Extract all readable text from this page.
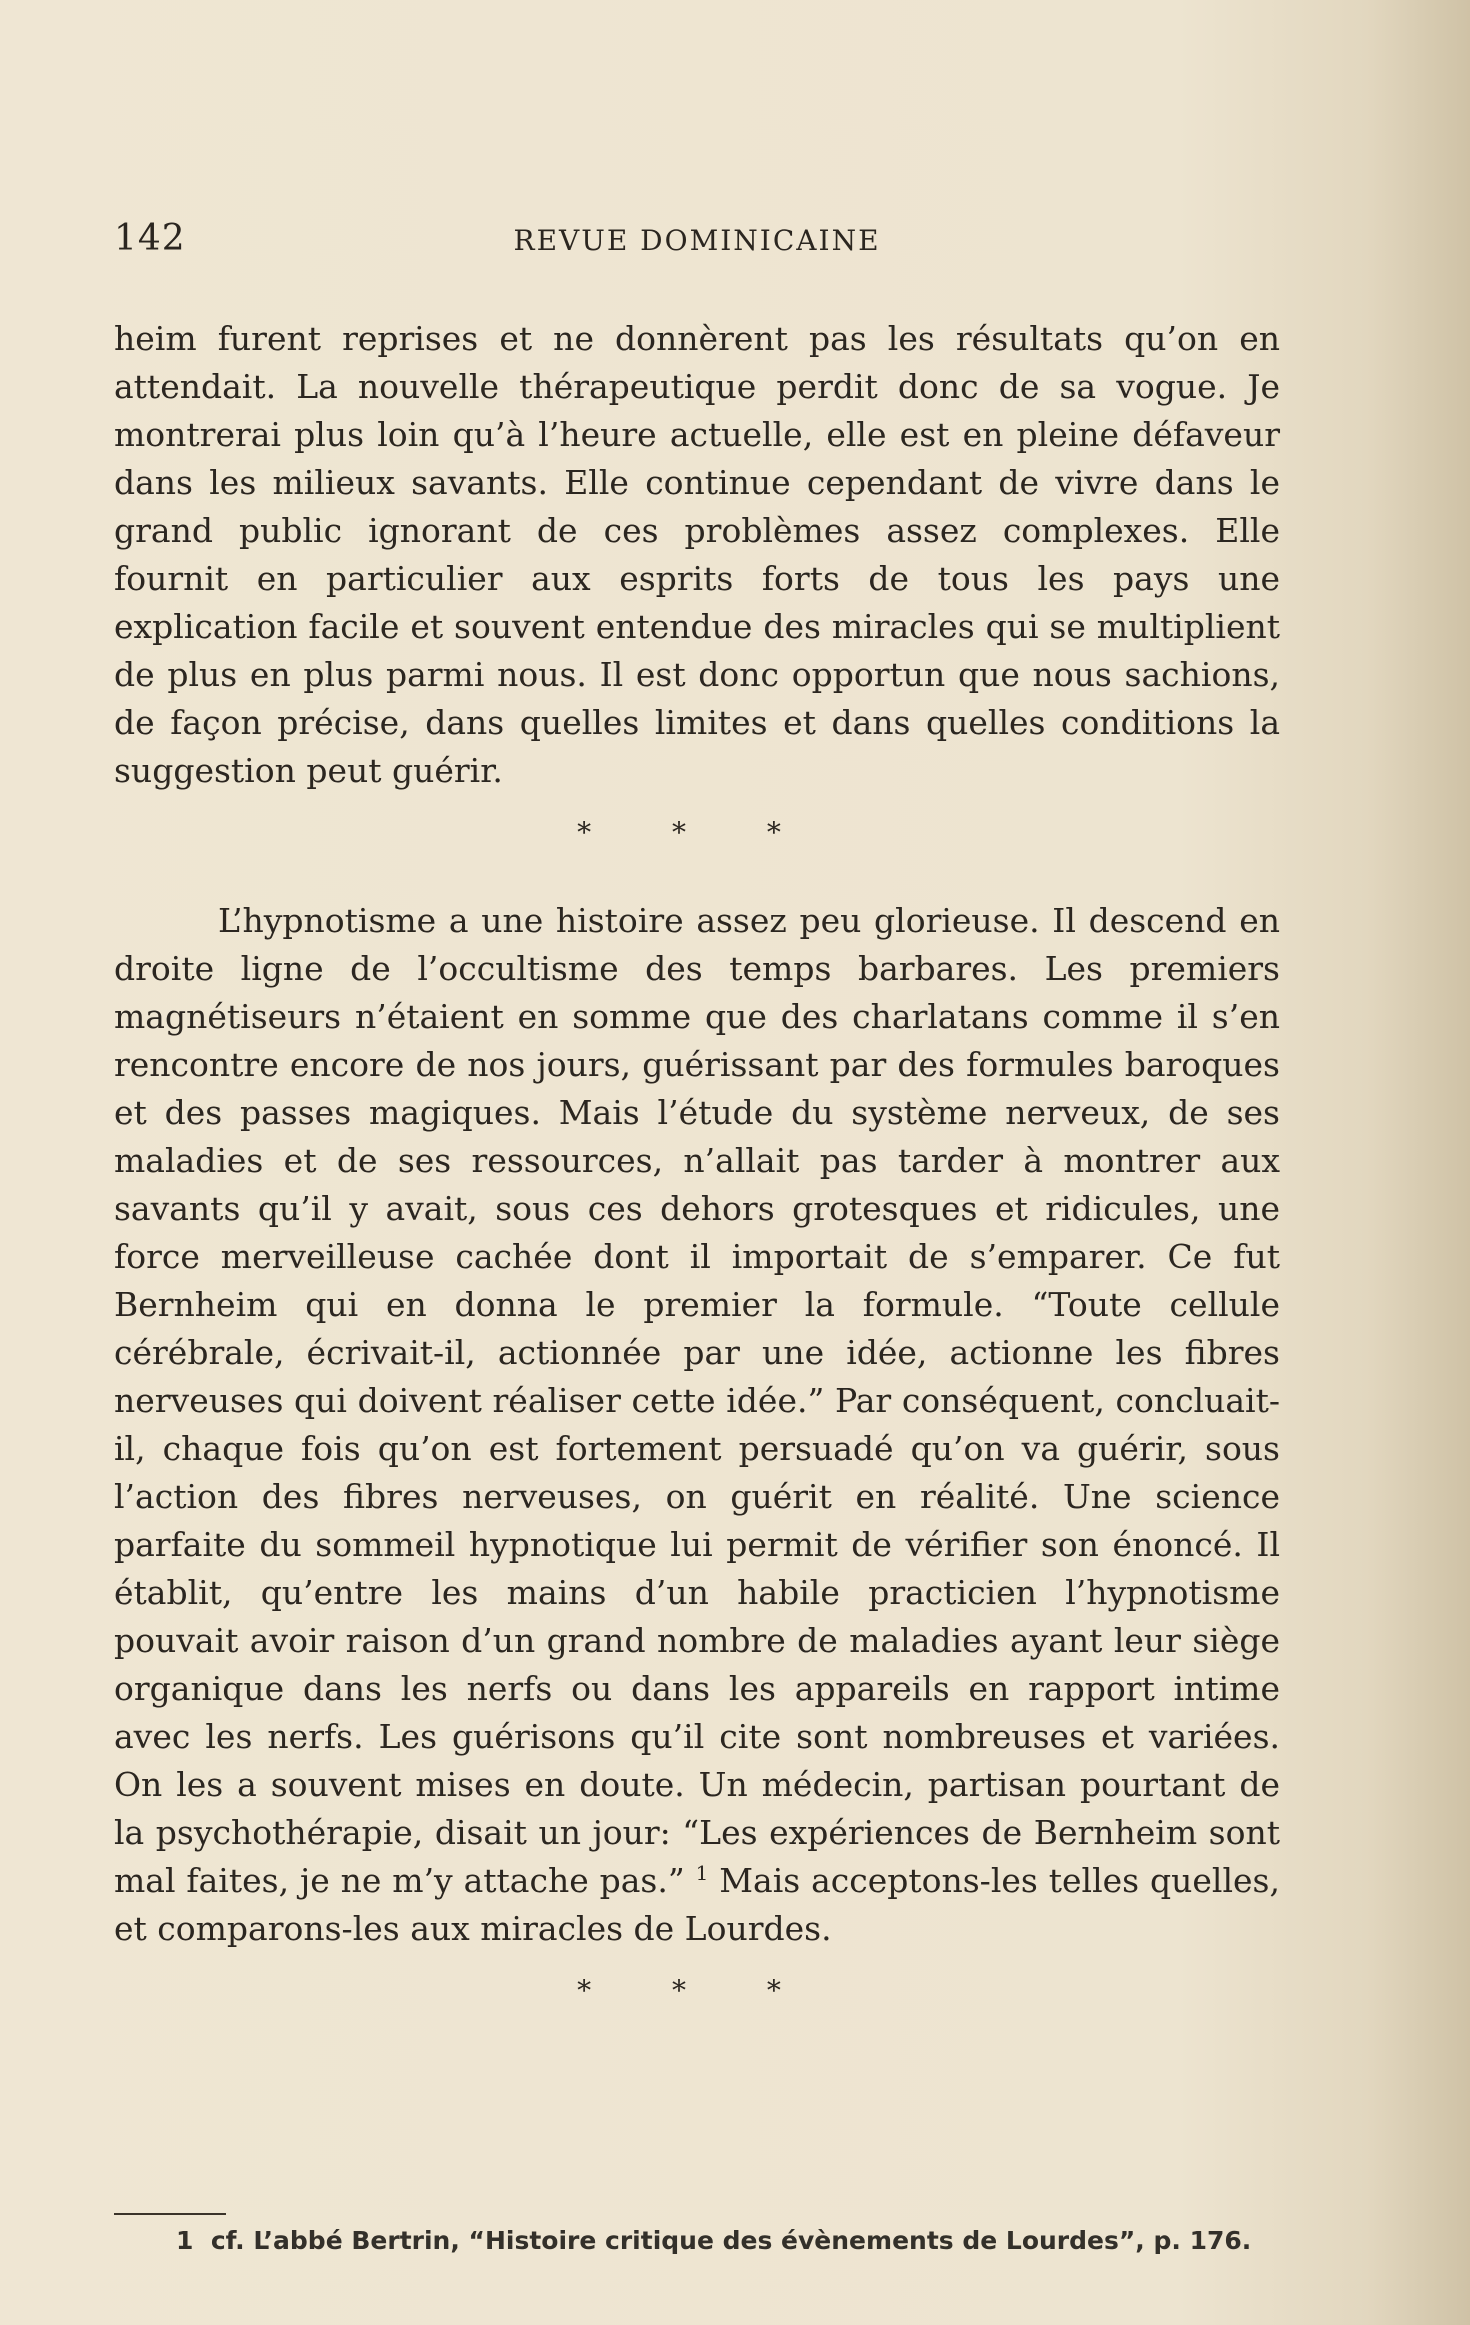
142	REVUE DOMINICAINE

heim furent reprises et ne donnèrent pas les résultats qu’on en attendait. La nouvelle thérapeutique perdit donc de sa vogue. Je montrerai plus loin qu’à l’heure actuelle, elle est en pleine défaveur dans les milieux savants. Elle continue cependant de vivre dans le grand public ignorant de ces problèmes assez complexes. Elle fournit en particulier aux esprits forts de tous les pays une explication facile et souvent entendue des miracles qui se multiplient de plus en plus parmi nous. Il est donc opportun que nous sachions, de façon précise, dans quelles limites et dans quelles conditions la suggestion peut guérir.

* * *

L’hypnotisme a une histoire assez peu glorieuse. Il descend en droite ligne de l’occultisme des temps barbares. Les premiers magnétiseurs n’étaient en somme que des charlatans comme il s’en rencontre encore de nos jours, guérissant par des formules baroques et des passes magiques. Mais l’étude du système nerveux, de ses maladies et de ses ressources, n’allait pas tarder à montrer aux savants qu’il y avait, sous ces dehors grotesques et ridicules, une force merveilleuse cachée dont il importait de s’emparer. Ce fut Bernheim qui en donna le premier la formule. “Toute cellule cérébrale, écrivait-il, actionnée par une idée, actionne les fibres nerveuses qui doivent réaliser cette idée.” Par conséquent, concluait-il, chaque fois qu’on est fortement persuadé qu’on va guérir, sous l’action des fibres nerveuses, on guérit en réalité. Une science parfaite du sommeil hypnotique lui permit de vérifier son énoncé. Il établit, qu’entre les mains d’un habile practicien l’hypnotisme pouvait avoir raison d’un grand nombre de maladies ayant leur siège organique dans les nerfs ou dans les appareils en rapport intime avec les nerfs. Les guérisons qu’il cite sont nombreuses et variées. On les a souvent mises en doute. Un médecin, partisan pourtant de la psychothérapie, disait un jour: “Les expériences de Bernheim sont mal faites, je ne m’y attache pas.” $^1$ Mais acceptons-les telles quelles, et comparons-les aux miracles de Lourdes.

* * *
1 cf. L’abbé Bertrin, “Histoire critique des évènements de Lourdes”, p. 176.
